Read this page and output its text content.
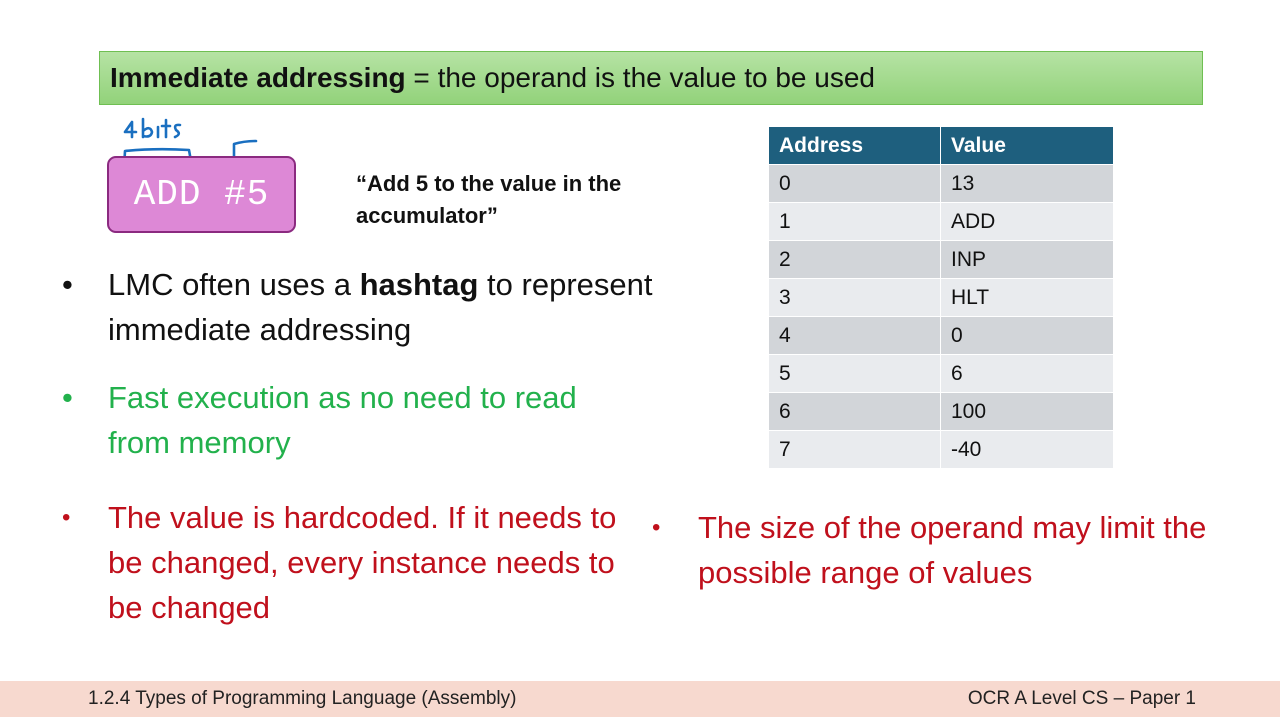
Immediate addressing = the operand is the value to be used
ADD #5	“Add 5 to the value in the accumulator”
•	LMC often uses a hashtag to represent immediate addressing
•	Fast execution as no need to read from memory
•	The value is hardcoded. If it needs to be changed, every instance needs to be changed
•	The size of the operand may limit the possible range of values
Address	Value
0	13
1	ADD
2	INP
3	HLT
4	0
5	6
6	100
7	-40
1.2.4 Types of Programming Language (Assembly)	OCR A Level CS – Paper 1
